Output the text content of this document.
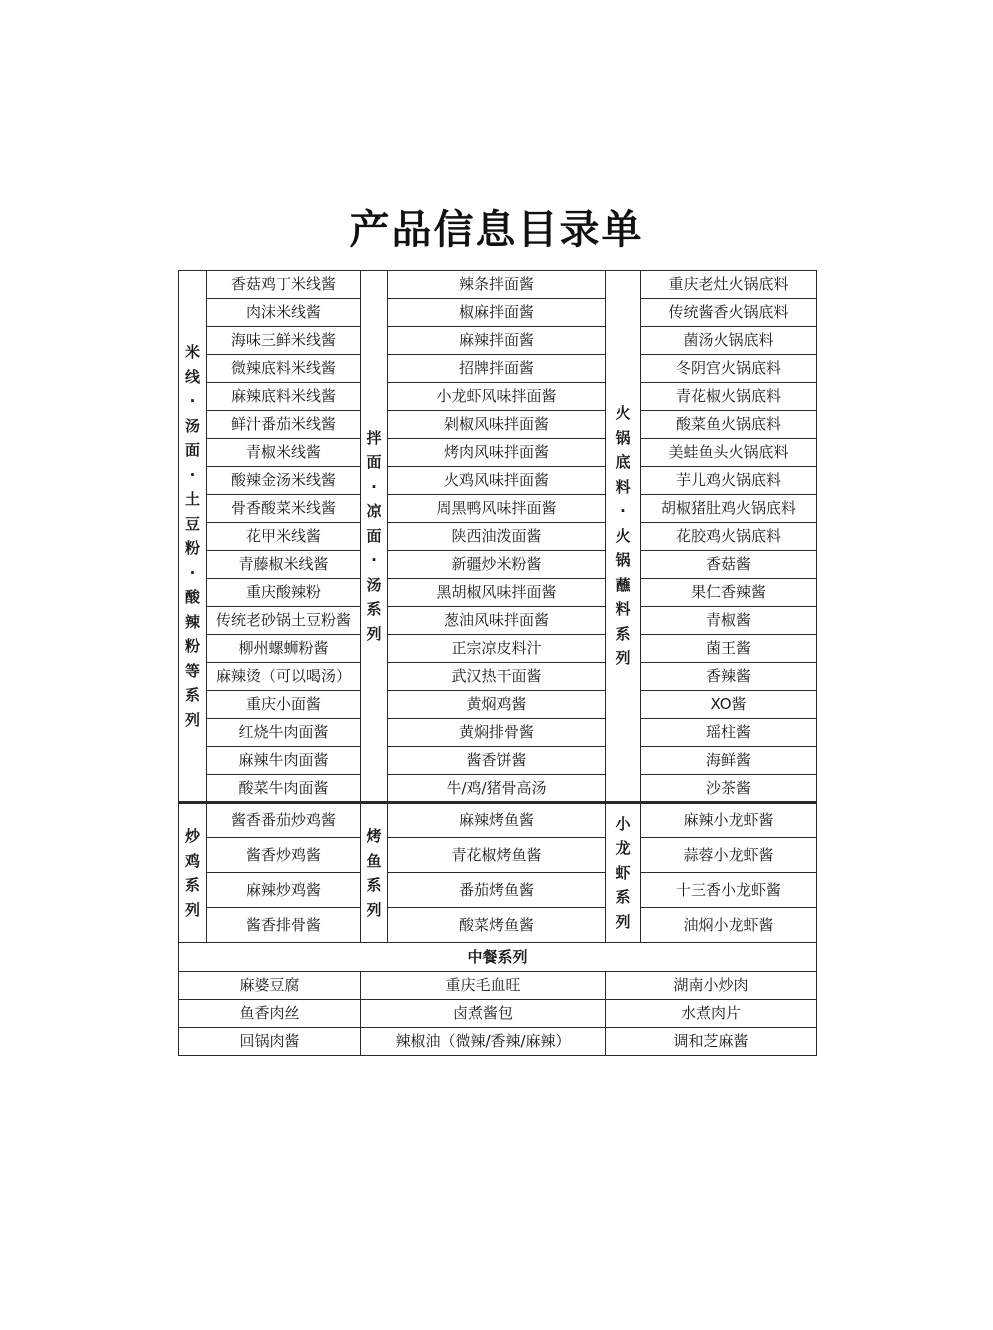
产品信息目录单
米线·汤面·土豆粉·酸辣粉等系列	香菇鸡丁米线酱	拌面·凉面·汤系列	辣条拌面酱	火锅底料·火锅蘸料系列	重庆老灶火锅底料
	肉沫米线酱		椒麻拌面酱		传统酱香火锅底料
	海味三鲜米线酱		麻辣拌面酱		菌汤火锅底料
	微辣底料米线酱		招牌拌面酱		冬阴宫火锅底料
	麻辣底料米线酱		小龙虾风味拌面酱		青花椒火锅底料
	鲜汁番茄米线酱		剁椒风味拌面酱		酸菜鱼火锅底料
	青椒米线酱		烤肉风味拌面酱		美蛙鱼头火锅底料
	酸辣金汤米线酱		火鸡风味拌面酱		芋儿鸡火锅底料
	骨香酸菜米线酱		周黑鸭风味拌面酱		胡椒猪肚鸡火锅底料
	花甲米线酱		陕西油泼面酱		花胶鸡火锅底料
	青藤椒米线酱		新疆炒米粉酱		香菇酱
	重庆酸辣粉		黑胡椒风味拌面酱		果仁香辣酱
	传统老砂锅土豆粉酱		葱油风味拌面酱		青椒酱
	柳州螺蛳粉酱		正宗凉皮料汁		菌王酱
	麻辣烫（可以喝汤）		武汉热干面酱		香辣酱
	重庆小面酱		黄焖鸡酱		XO酱
	红烧牛肉面酱		黄焖排骨酱		瑶柱酱
	麻辣牛肉面酱		酱香饼酱		海鲜酱
	酸菜牛肉面酱		牛/鸡/猪骨高汤		沙茶酱
炒鸡系列	酱香番茄炒鸡酱	烤鱼系列	麻辣烤鱼酱	小龙虾系列	麻辣小龙虾酱
	酱香炒鸡酱		青花椒烤鱼酱		蒜蓉小龙虾酱
	麻辣炒鸡酱		番茄烤鱼酱		十三香小龙虾酱
	酱香排骨酱		酸菜烤鱼酱		油焖小龙虾酱
中餐系列					
麻婆豆腐		重庆毛血旺		湖南小炒肉	
鱼香肉丝		卤煮酱包		水煮肉片	
回锅肉酱		辣椒油（微辣/香辣/麻辣）		调和芝麻酱	
